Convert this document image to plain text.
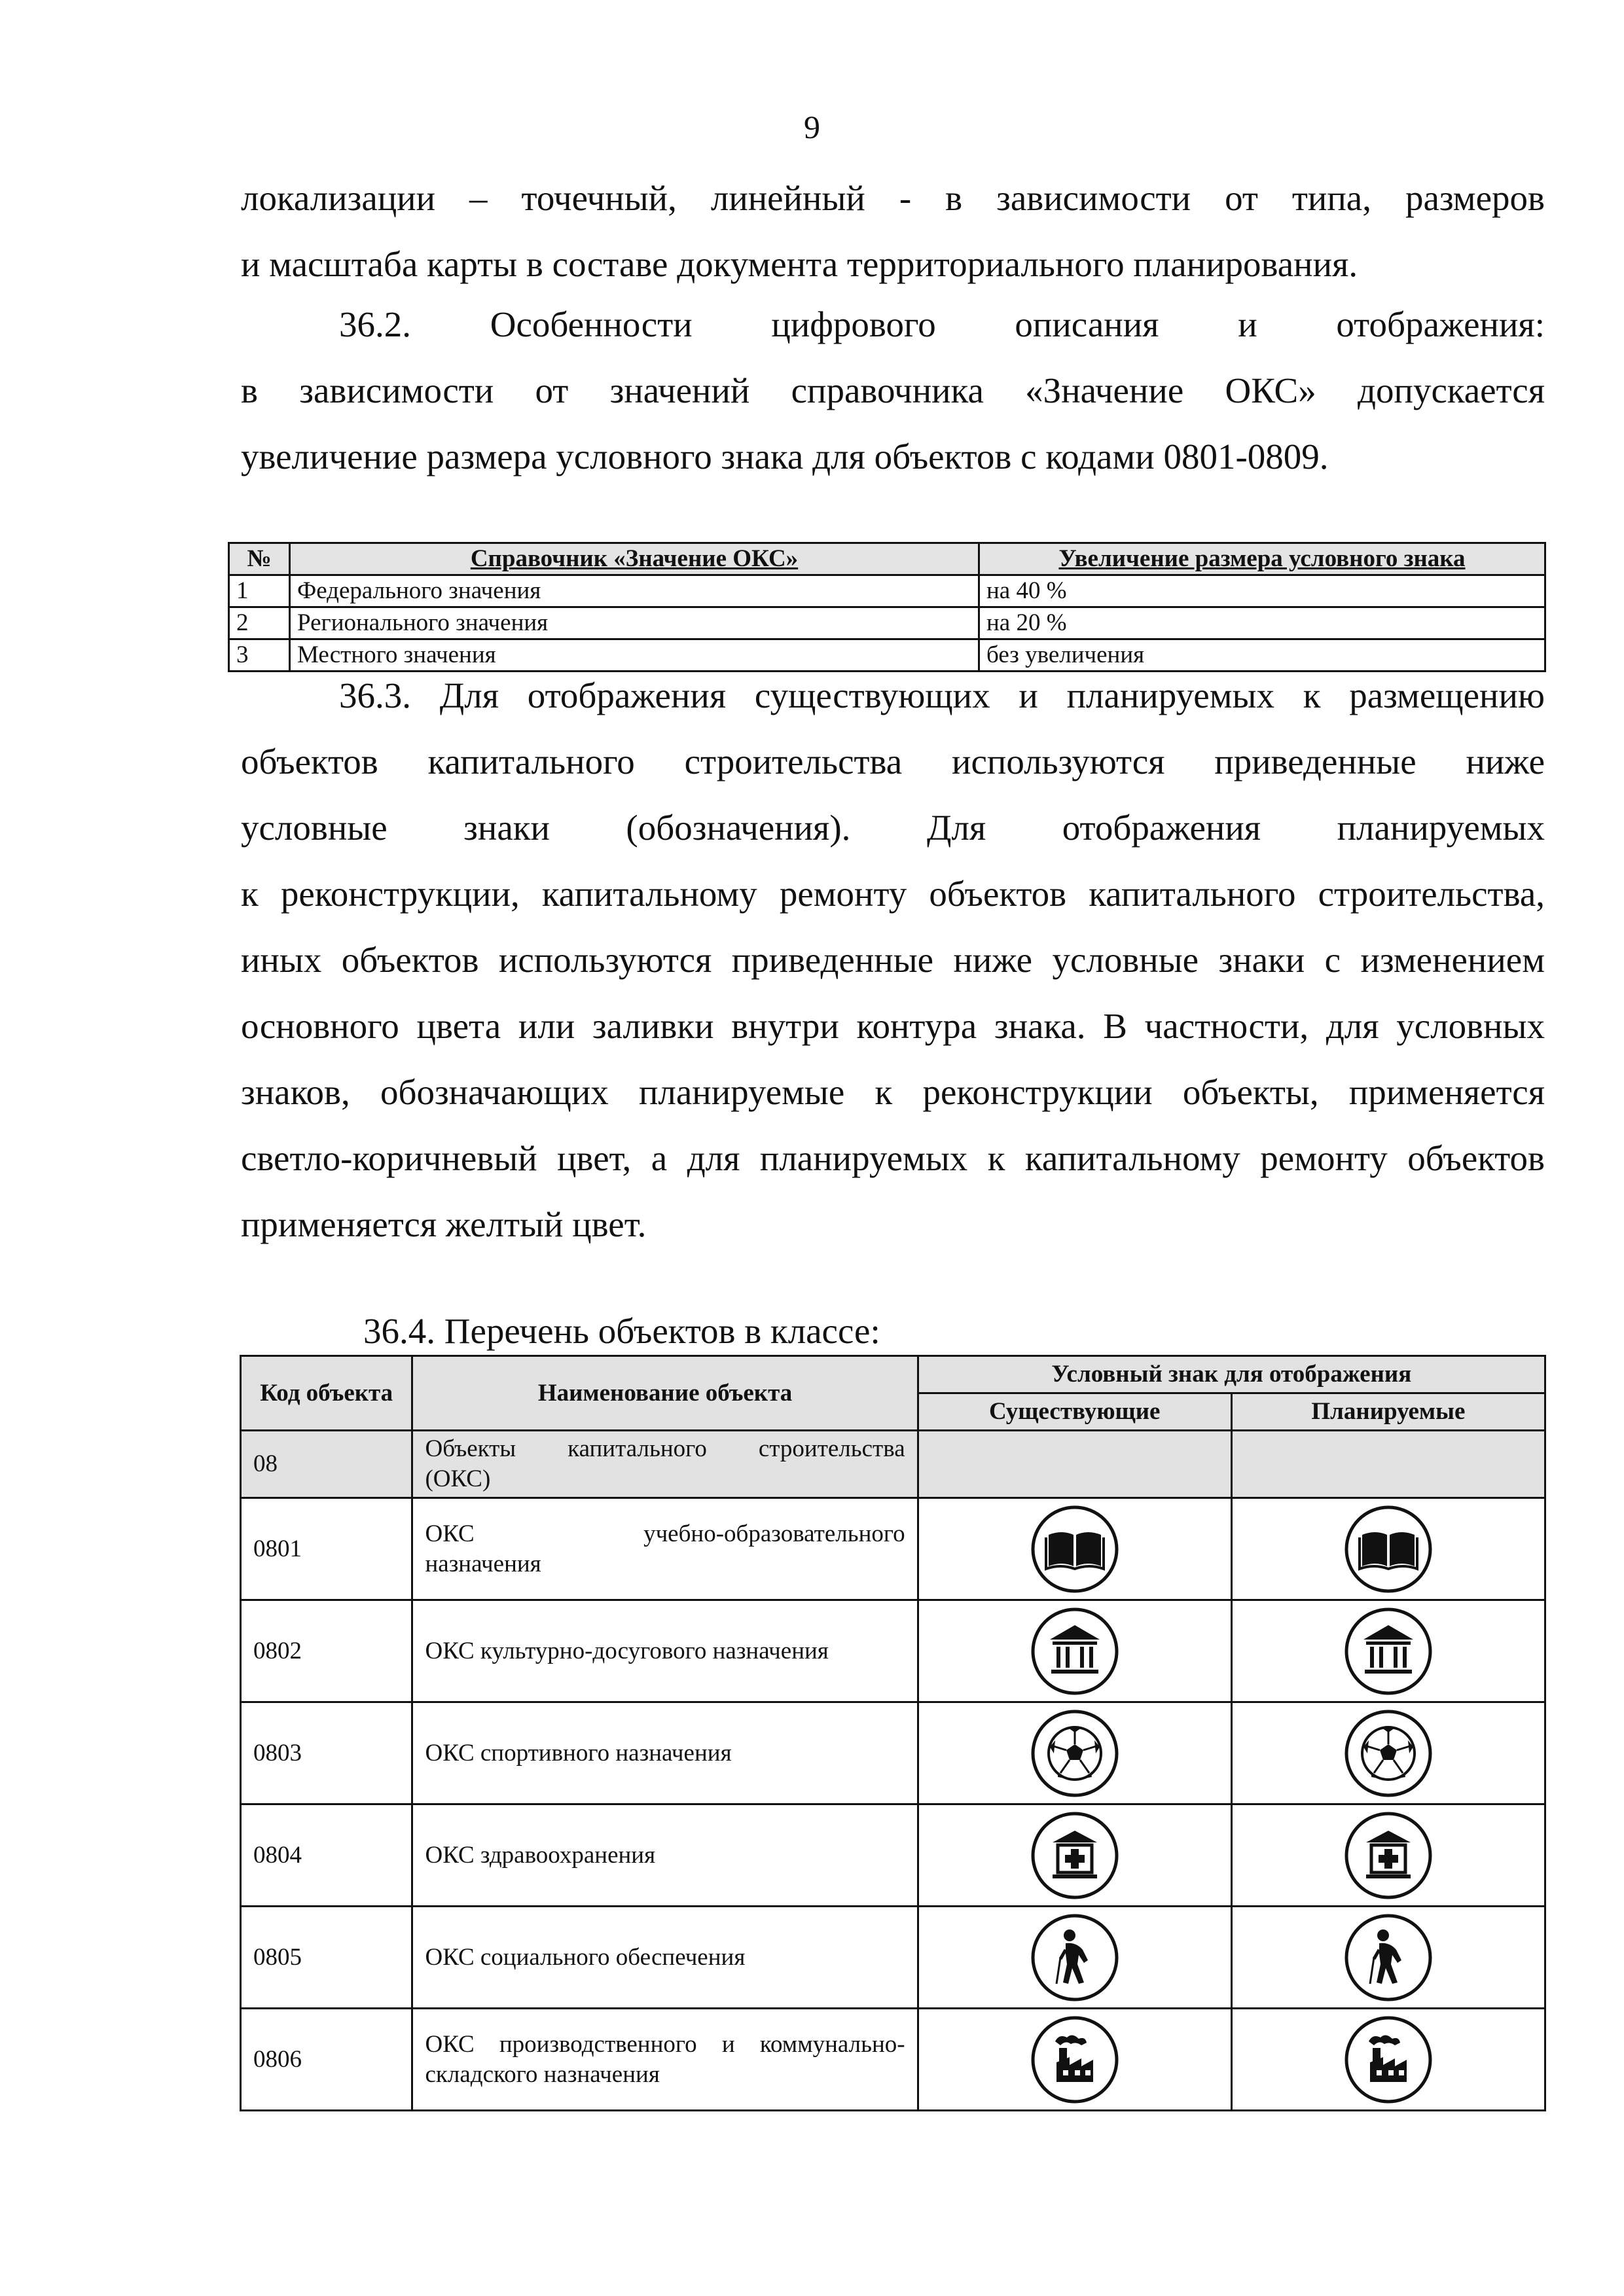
9

локализации – точечный, линейный - в зависимости от типа, размеров
и масштаба карты в составе документа территориального планирования.

36.2. Особенности цифрового описания и отображения:
в зависимости от значений справочника «Значение ОКС» допускается
увеличение размера условного знака для объектов с кодами 0801-0809.

№	Справочник «Значение ОКС»	Увеличение размера условного знака
1	Федерального значения	на 40 %
2	Регионального значения	на 20 %
3	Местного значения	без увеличения

36.3. Для отображения существующих и планируемых к размещению
объектов капитального строительства используются приведенные ниже
условные знаки (обозначения). Для отображения планируемых
к реконструкции, капитальному ремонту объектов капитального строительства,
иных объектов используются приведенные ниже условные знаки с изменением
основного цвета или заливки внутри контура знака. В частности, для условных
знаков, обозначающих планируемые к реконструкции объекты, применяется
светло-коричневый цвет, а для планируемых к капитальному ремонту объектов
применяется желтый цвет.

36.4. Перечень объектов в классе:
Код объекта	Наименование объекта	Условный знак для отображения	
		Существующие	Планируемые
08	Объекты капитального строительства
(ОКС)		

0801	ОКС учебно-образовательного
назначения

0802	ОКС культурно-досугового назначения

0803	ОКС спортивного назначения

0804	ОКС здравоохранения

0805	ОКС социального обеспечения

0806	ОКС производственного и коммунально-
складского назначения
